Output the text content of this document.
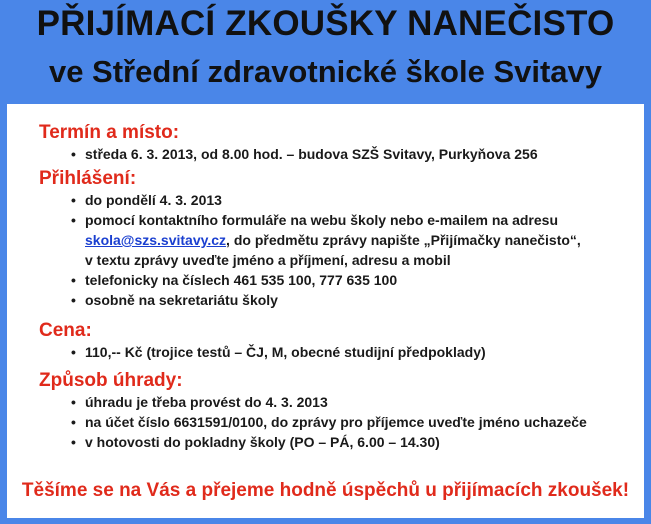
PŘIJÍMACÍ ZKOUŠKY NANEČISTO
ve Střední zdravotnické škole Svitavy
Termín a místo:
• středa 6. 3. 2013, od 8.00 hod. – budova SZŠ Svitavy, Purkyňova 256
Přihlášení:
• do pondělí 4. 3. 2013
• pomocí kontaktního formuláře na webu školy nebo e-mailem na adresu
skola@szs.svitavy.cz, do předmětu zprávy napište „Přijímačky nanečisto“,
v textu zprávy uveďte jméno a příjmení, adresu a mobil
• telefonicky na číslech 461 535 100, 777 635 100
• osobně na sekretariátu školy
Cena:
• 110,-- Kč (trojice testů – ČJ, M, obecné studijní předpoklady)
Způsob úhrady:
• úhradu je třeba provést do 4. 3. 2013
• na účet číslo 6631591/0100, do zprávy pro příjemce uveďte jméno uchazeče
• v hotovosti do pokladny školy (PO – PÁ, 6.00 – 14.30)
Těšíme se na Vás a přejeme hodně úspěchů u přijímacích zkoušek!
